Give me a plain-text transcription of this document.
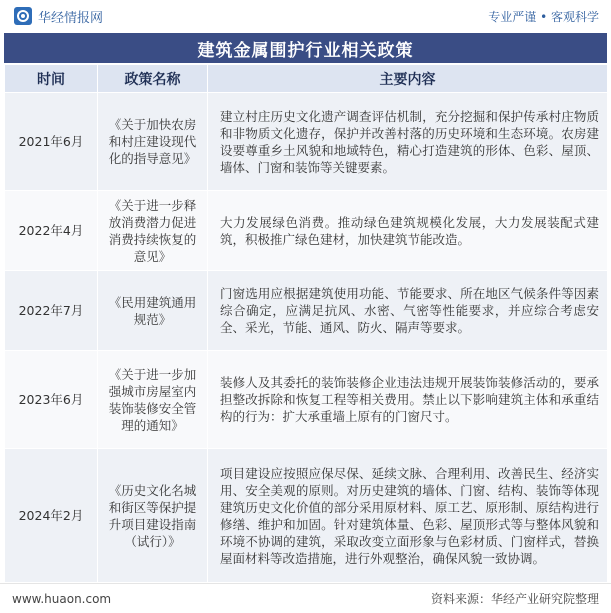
华经情报网	专业严谨 • 客观科学
建筑金属围护行业相关政策
时间	政策名称	主要内容
2021年6月	《关于加快农房和村庄建设现代化的指导意见》	建立村庄历史文化遗产调查评估机制，充分挖掘和保护传承村庄物质和非物质文化遗存，保护并改善村落的历史环境和生态环境。农房建设要尊重乡土风貌和地域特色，精心打造建筑的形体、色彩、屋顶、墙体、门窗和装饰等关键要素。
2022年4月	《关于进一步释放消费潜力促进消费持续恢复的意见》	大力发展绿色消费。推动绿色建筑规模化发展，大力发展装配式建筑，积极推广绿色建材，加快建筑节能改造。
2022年7月	《民用建筑通用规范》	门窗选用应根据建筑使用功能、节能要求、所在地区气候条件等因素综合确定，应满足抗风、水密、气密等性能要求，并应综合考虑安全、采光，节能、通风、防火、隔声等要求。
2023年6月	《关于进一步加强城市房屋室内装饰装修安全管理的通知》	装修人及其委托的装饰装修企业违法违规开展装饰装修活动的，要承担整改拆除和恢复工程等相关费用。禁止以下影响建筑主体和承重结构的行为：扩大承重墙上原有的门窗尺寸。
2024年2月	《历史文化名城和街区等保护提升项目建设指南（试行）》	项目建设应按照应保尽保、延续文脉、合理利用、改善民生、经济实用、安全美观的原则。对历史建筑的墙体、门窗、结构、装饰等体现建筑历史文化价值的部分采用原材料、原工艺、原形制、原结构进行修缮、维护和加固。针对建筑体量、色彩、屋顶形式等与整体风貌和环境不协调的建筑，采取改变立面形象与色彩材质、门窗样式，替换屋面材料等改造措施，进行外观整治，确保风貌一致协调。
www.huaon.com	资料来源：华经产业研究院整理
